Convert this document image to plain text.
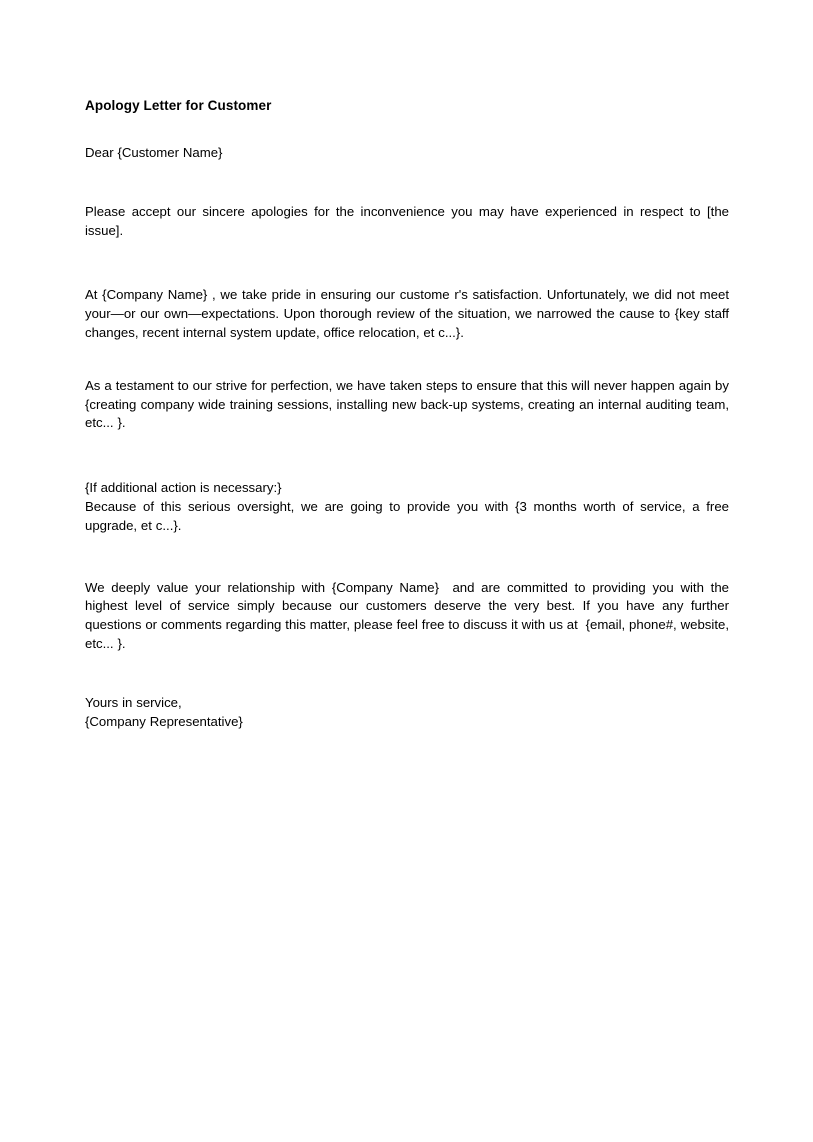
Apology Letter for Customer

Dear {Customer Name}

Please accept our sincere apologies for the inconvenience you may have experienced in respect to [the issue].

At {Company Name} , we take pride in ensuring our custome r's satisfaction. Unfortunately, we did not meet your—or our own—expectations. Upon thorough review of the situation, we narrowed the cause to {key staff changes, recent internal system update, office relocation, et c...}.

As a testament to our strive for perfection, we have taken steps to ensure that this will never happen again by {creating company wide training sessions, installing new back-up systems, creating an internal auditing team, etc... }.

{If additional action is necessary:}

Because of this serious oversight, we are going to provide you with {3 months worth of service, a free upgrade, et c...}.

We deeply value your relationship with {Company Name}  and are committed to providing you with the highest level of service simply because our customers deserve the very best. If you have any further questions or comments regarding this matter, please feel free to discuss it with us at  {email, phone#, website, etc... }.

Yours in service,

{Company Representative}
